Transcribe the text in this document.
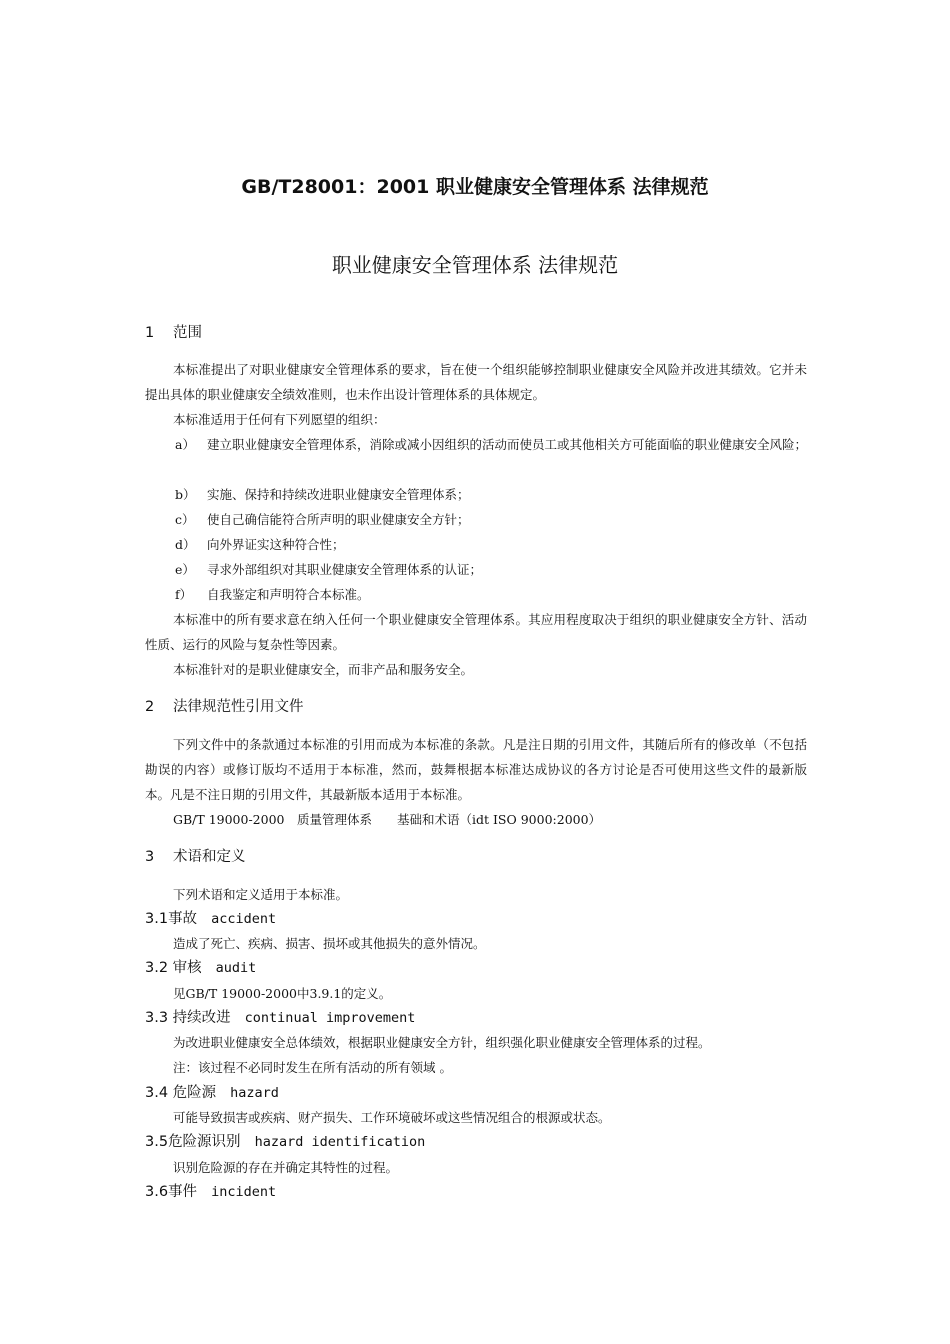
GB/T28001：2001 职业健康安全管理体系 法律规范
职业健康安全管理体系 法律规范
1 范围
本标准提出了对职业健康安全管理体系的要求，旨在使一个组织能够控制职业健康安全风险并改进其绩效。它并未提出具体的职业健康安全绩效准则，也未作出设计管理体系的具体规定。
本标准适用于任何有下列愿望的组织：
a） 建立职业健康安全管理体系，消除或减小因组织的活动而使员工或其他相关方可能面临的职业健康安全风险；
b） 实施、保持和持续改进职业健康安全管理体系；
c） 使自己确信能符合所声明的职业健康安全方针；
d） 向外界证实这种符合性；
e） 寻求外部组织对其职业健康安全管理体系的认证；
f） 自我鉴定和声明符合本标准。
本标准中的所有要求意在纳入任何一个职业健康安全管理体系。其应用程度取决于组织的职业健康安全方针、活动性质、运行的风险与复杂性等因素。
本标准针对的是职业健康安全，而非产品和服务安全。
2 法律规范性引用文件
下列文件中的条款通过本标准的引用而成为本标准的条款。凡是注日期的引用文件，其随后所有的修改单（不包括勘误的内容）或修订版均不适用于本标准，然而，鼓舞根据本标准达成协议的各方讨论是否可使用这些文件的最新版本。凡是不注日期的引用文件，其最新版本适用于本标准。
GB/T 19000-2000　质量管理体系　　基础和术语（idt ISO 9000:2000）
3 术语和定义
下列术语和定义适用于本标准。
3.1事故 accident
造成了死亡、疾病、损害、损坏或其他损失的意外情况。
3.2 审核 audit
见GB/T 19000-2000中3.9.1的定义。
3.3 持续改进 continual improvement
为改进职业健康安全总体绩效，根据职业健康安全方针，组织强化职业健康安全管理体系的过程。
注：该过程不必同时发生在所有活动的所有领域 。
3.4 危险源 hazard
可能导致损害或疾病、财产损失、工作环境破坏或这些情况组合的根源或状态。
3.5危险源识别 hazard identification
识别危险源的存在并确定其特性的过程。
3.6事件 incident
